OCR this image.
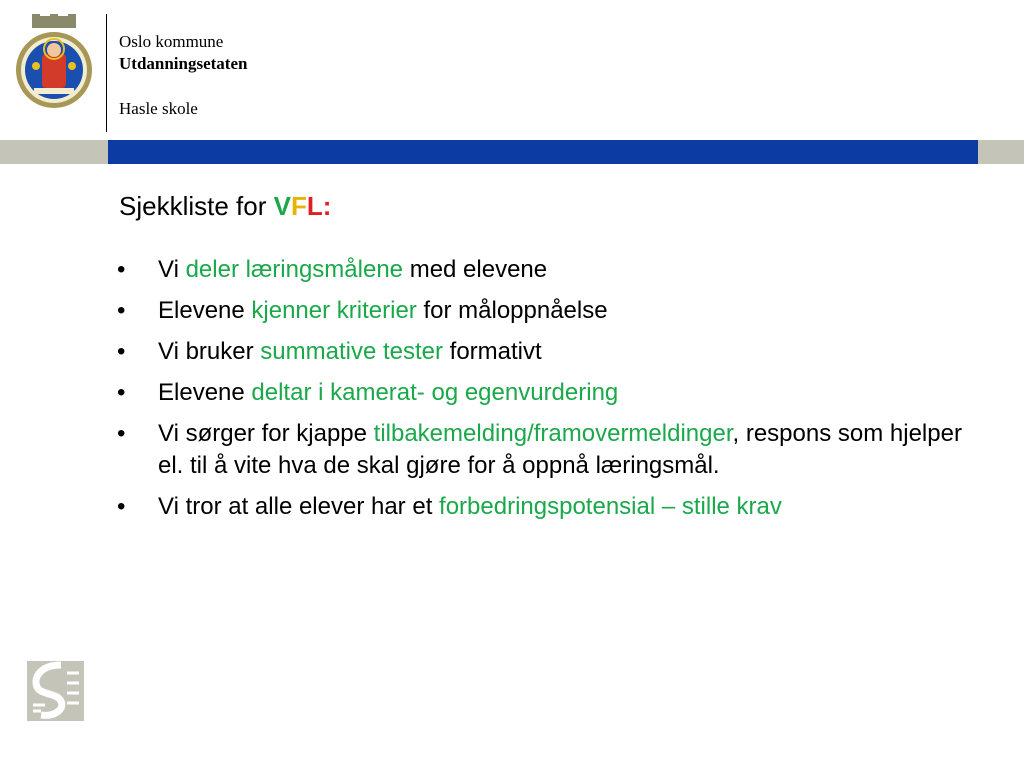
Oslo kommune
Utdanningsetaten
Hasle skole
Sjekkliste for VFL:
• Vi deler læringsmålene med elevene
• Elevene kjenner kriterier for måloppnåelse
• Vi bruker summative tester formativt
• Elevene deltar i kamerat- og egenvurdering
• Vi sørger for kjappe tilbakemelding/framovermeldinger, respons som hjelper el. til å vite hva de skal gjøre for å oppnå læringsmål.
• Vi tror at alle elever har et forbedringspotensial – stille krav
